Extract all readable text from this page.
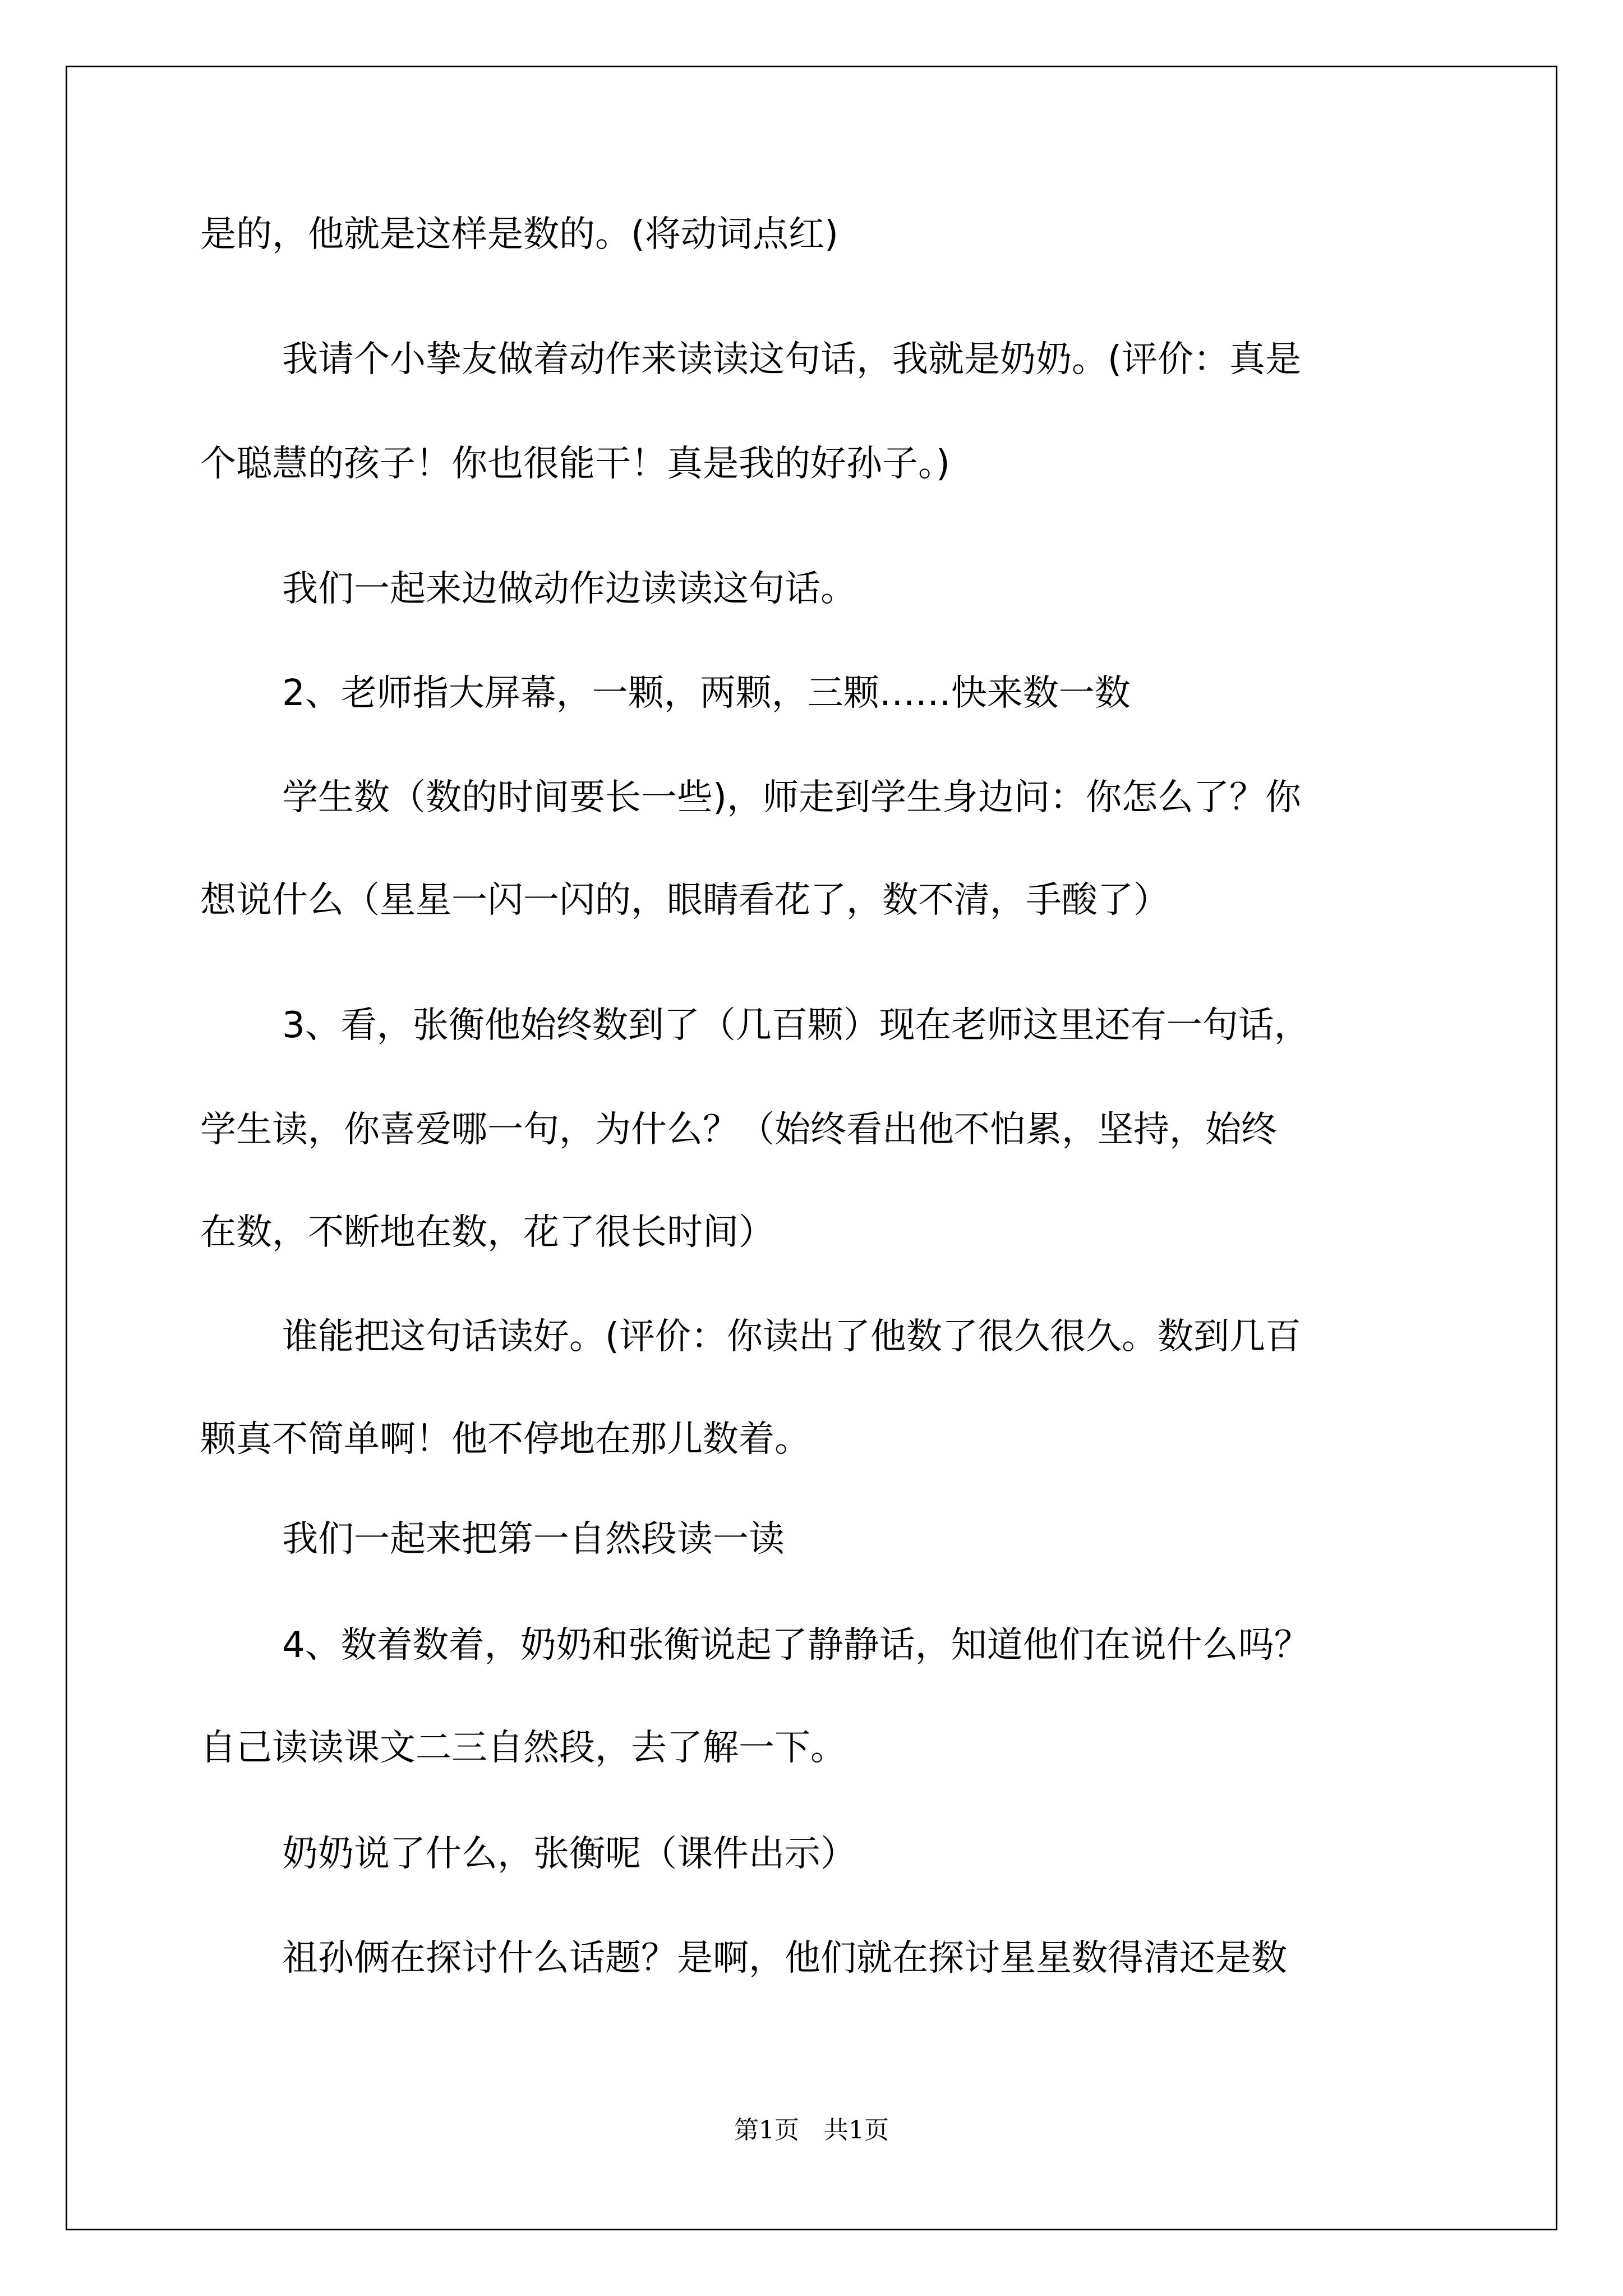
是的，他就是这样是数的。(将动词点红)
我请个小挚友做着动作来读读这句话，我就是奶奶。(评价：真是
个聪慧的孩子！你也很能干！真是我的好孙子。)
我们一起来边做动作边读读这句话。
2、老师指大屏幕，一颗，两颗，三颗……快来数一数
学生数（数的时间要长一些)，师走到学生身边问：你怎么了？你
想说什么（星星一闪一闪的，眼睛看花了，数不清，手酸了）
3、看，张衡他始终数到了（几百颗）现在老师这里还有一句话，
学生读，你喜爱哪一句，为什么？（始终看出他不怕累，坚持，始终
在数，不断地在数，花了很长时间）
谁能把这句话读好。(评价：你读出了他数了很久很久。数到几百
颗真不简单啊！他不停地在那儿数着。
我们一起来把第一自然段读一读
4、数着数着，奶奶和张衡说起了静静话，知道他们在说什么吗？
自己读读课文二三自然段，去了解一下。
奶奶说了什么，张衡呢（课件出示）
祖孙俩在探讨什么话题？是啊，他们就在探讨星星数得清还是数
第1页　共1页
